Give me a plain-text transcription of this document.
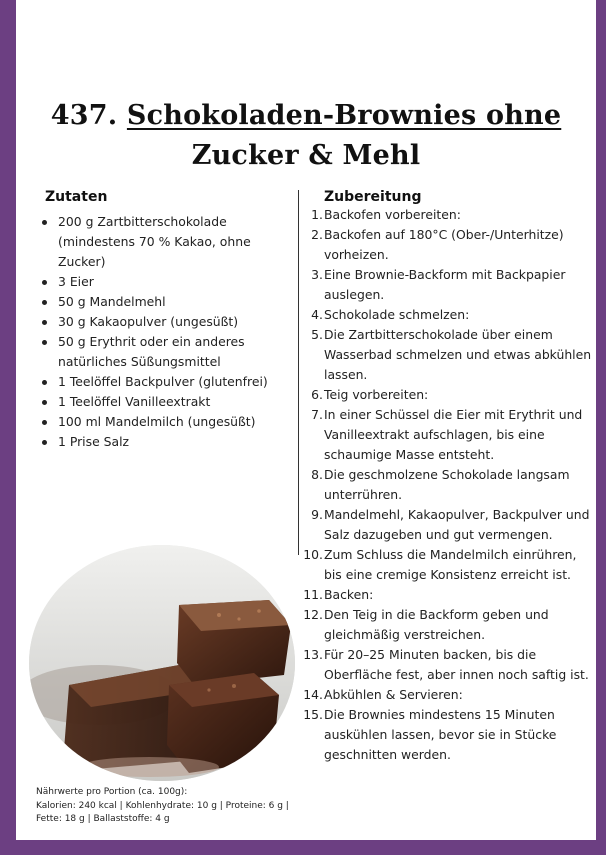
437. Schokoladen-Brownies ohne
Zucker & Mehl
Zutaten
200 g Zartbitterschokolade (mindestens 70 % Kakao, ohne Zucker)
3 Eier
50 g Mandelmehl
30 g Kakaopulver (ungesüßt)
50 g Erythrit oder ein anderes natürliches Süßungsmittel
1 Teelöffel Backpulver (glutenfrei)
1 Teelöffel Vanilleextrakt
100 ml Mandelmilch (ungesüßt)
1 Prise Salz
Zubereitung
1. Backofen vorbereiten:
2. Backofen auf 180°C (Ober-/Unterhitze) vorheizen.
3. Eine Brownie-Backform mit Backpapier auslegen.
4. Schokolade schmelzen:
5. Die Zartbitterschokolade über einem Wasserbad schmelzen und etwas abkühlen lassen.
6. Teig vorbereiten:
7. In einer Schüssel die Eier mit Erythrit und Vanilleextrakt aufschlagen, bis eine schaumige Masse entsteht.
8. Die geschmolzene Schokolade langsam unterrühren.
9. Mandelmehl, Kakaopulver, Backpulver und Salz dazugeben und gut vermengen.
10. Zum Schluss die Mandelmilch einrühren, bis eine cremige Konsistenz erreicht ist.
11. Backen:
12. Den Teig in die Backform geben und gleichmäßig verstreichen.
13. Für 20–25 Minuten backen, bis die Oberfläche fest, aber innen noch saftig ist.
14. Abkühlen & Servieren:
15. Die Brownies mindestens 15 Minuten auskühlen lassen, bevor sie in Stücke geschnitten werden.
Nährwerte pro Portion (ca. 100g):
Kalorien: 240 kcal | Kohlenhydrate: 10 g | Proteine: 6 g | Fette: 18 g | Ballaststoffe: 4 g
